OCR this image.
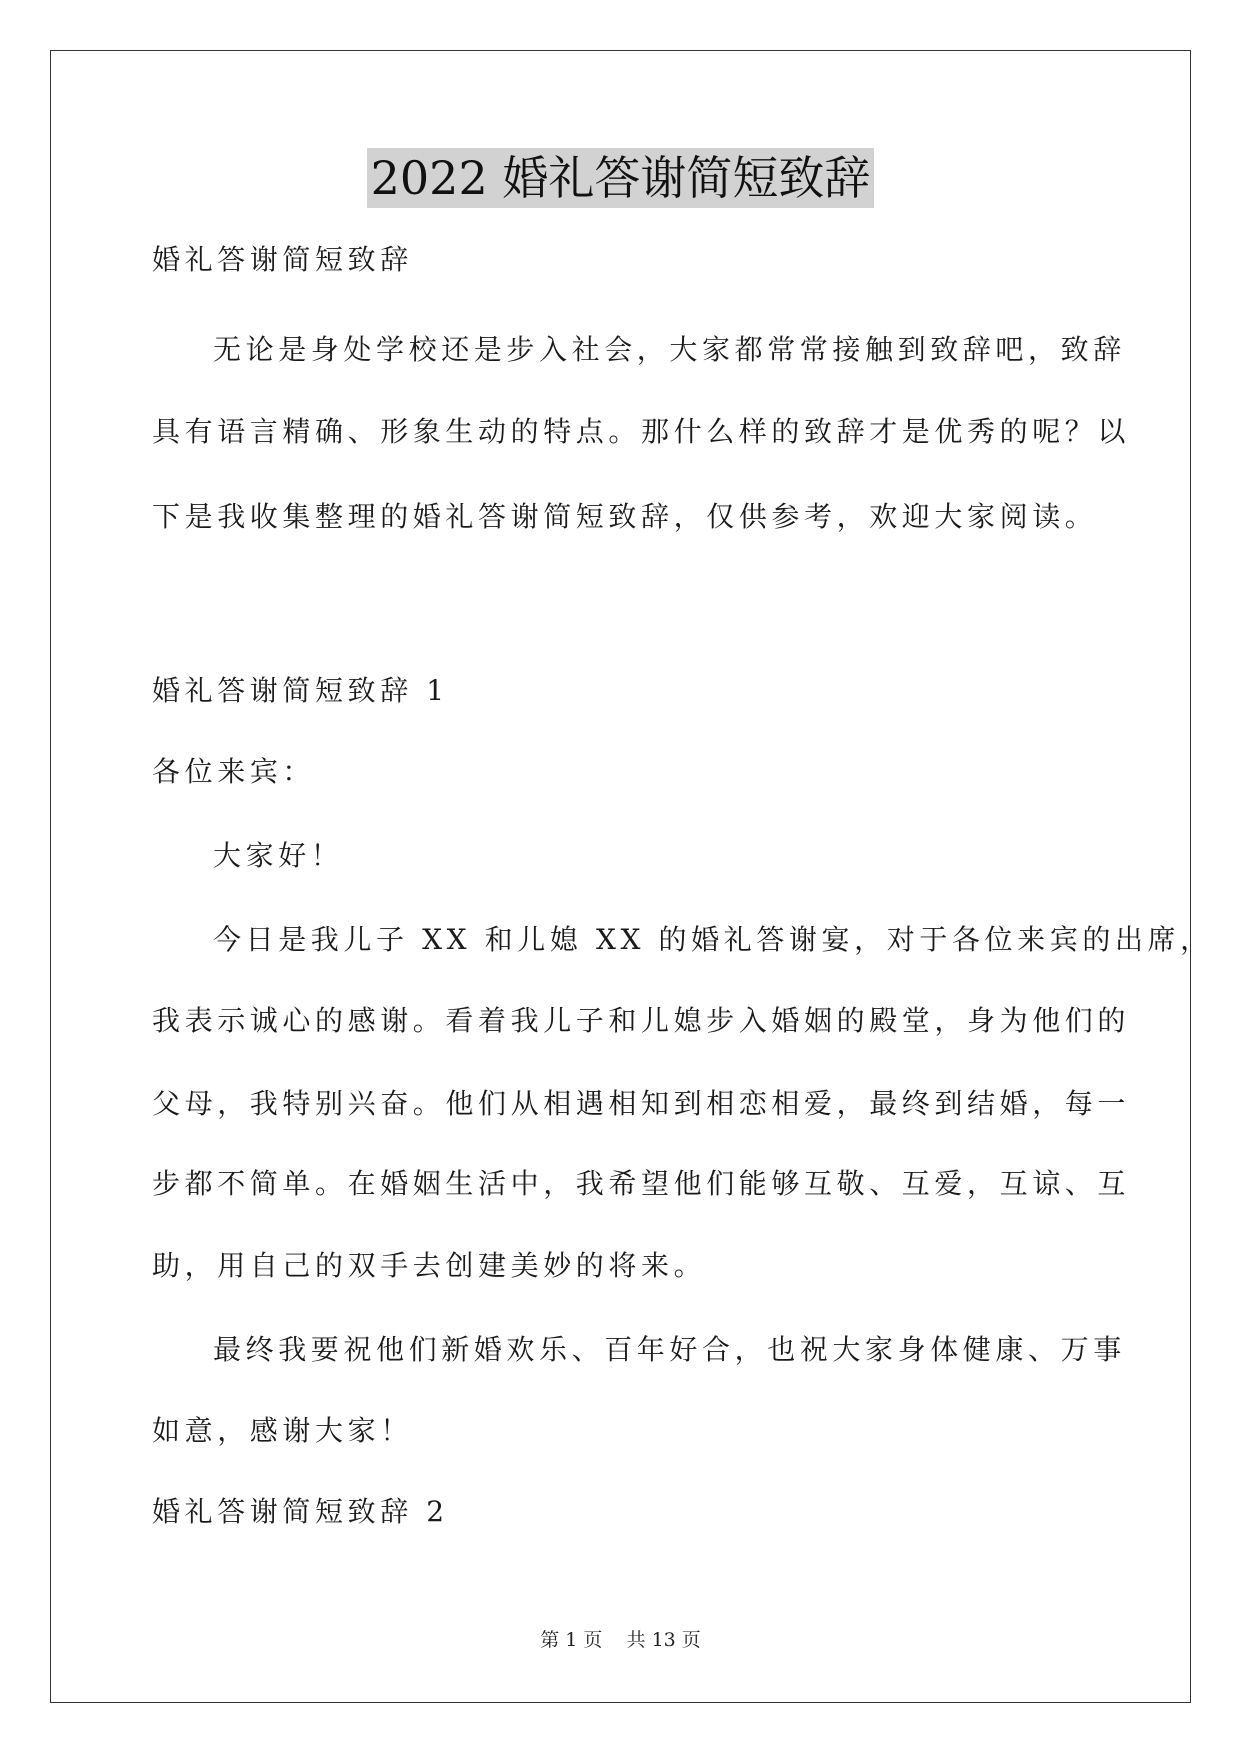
2022 婚礼答谢简短致辞
婚礼答谢简短致辞
无论是身处学校还是步入社会，大家都常常接触到致辞吧，致辞
具有语言精确、形象生动的特点。那什么样的致辞才是优秀的呢？以
下是我收集整理的婚礼答谢简短致辞，仅供参考，欢迎大家阅读。
婚礼答谢简短致辞 1
各位来宾：
大家好！
今日是我儿子 XX 和儿媳 XX 的婚礼答谢宴，对于各位来宾的出席，
我表示诚心的感谢。看着我儿子和儿媳步入婚姻的殿堂，身为他们的
父母，我特别兴奋。他们从相遇相知到相恋相爱，最终到结婚，每一
步都不简单。在婚姻生活中，我希望他们能够互敬、互爱，互谅、互
助，用自己的双手去创建美妙的将来。
最终我要祝他们新婚欢乐、百年好合，也祝大家身体健康、万事
如意，感谢大家！
婚礼答谢简短致辞 2
第 1 页 共 13 页
